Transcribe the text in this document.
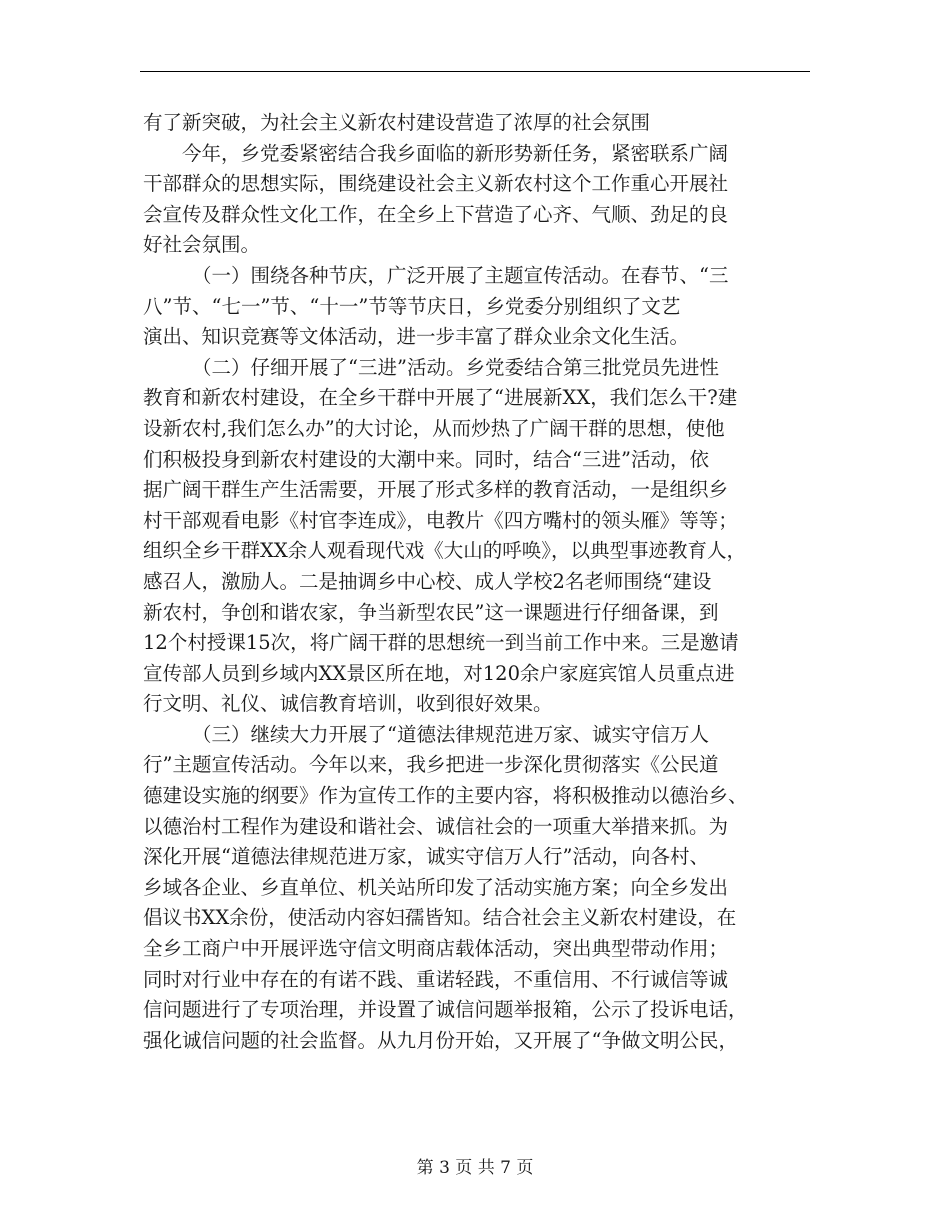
有了新突破，为社会主义新农村建设营造了浓厚的社会氛围
今年，乡党委紧密结合我乡面临的新形势新任务，紧密联系广阔
干部群众的思想实际，围绕建设社会主义新农村这个工作重心开展社
会宣传及群众性文化工作，在全乡上下营造了心齐、气顺、劲足的良
好社会氛围。
（一）围绕各种节庆，广泛开展了主题宣传活动。在春节、“三
八”节、“七一”节、“十一”节等节庆日，乡党委分别组织了文艺
演出、知识竞赛等文体活动，进一步丰富了群众业余文化生活。
（二）仔细开展了“三进”活动。乡党委结合第三批党员先进性
教育和新农村建设，在全乡干群中开展了“进展新XX，我们怎么干?建
设新农村,我们怎么办”的大讨论，从而炒热了广阔干群的思想，使他
们积极投身到新农村建设的大潮中来。同时，结合“三进”活动，依
据广阔干群生产生活需要，开展了形式多样的教育活动，一是组织乡
村干部观看电影《村官李连成》，电教片《四方嘴村的领头雁》等等；
组织全乡干群XX余人观看现代戏《大山的呼唤》，以典型事迹教育人，
感召人，激励人。二是抽调乡中心校、成人学校2名老师围绕“建设
新农村，争创和谐农家，争当新型农民”这一课题进行仔细备课，到
12个村授课15次，将广阔干群的思想统一到当前工作中来。三是邀请
宣传部人员到乡域内XX景区所在地，对120余户家庭宾馆人员重点进
行文明、礼仪、诚信教育培训，收到很好效果。
（三）继续大力开展了“道德法律规范进万家、诚实守信万人
行”主题宣传活动。今年以来，我乡把进一步深化贯彻落实《公民道
德建设实施的纲要》作为宣传工作的主要内容，将积极推动以德治乡、
以德治村工程作为建设和谐社会、诚信社会的一项重大举措来抓。为
深化开展“道德法律规范进万家，诚实守信万人行”活动，向各村、
乡域各企业、乡直单位、机关站所印发了活动实施方案；向全乡发出
倡议书XX余份，使活动内容妇孺皆知。结合社会主义新农村建设，在
全乡工商户中开展评选守信文明商店载体活动，突出典型带动作用；
同时对行业中存在的有诺不践、重诺轻践，不重信用、不行诚信等诚
信问题进行了专项治理，并设置了诚信问题举报箱，公示了投诉电话，
强化诚信问题的社会监督。从九月份开始，又开展了“争做文明公民，
第 3 页 共 7 页
